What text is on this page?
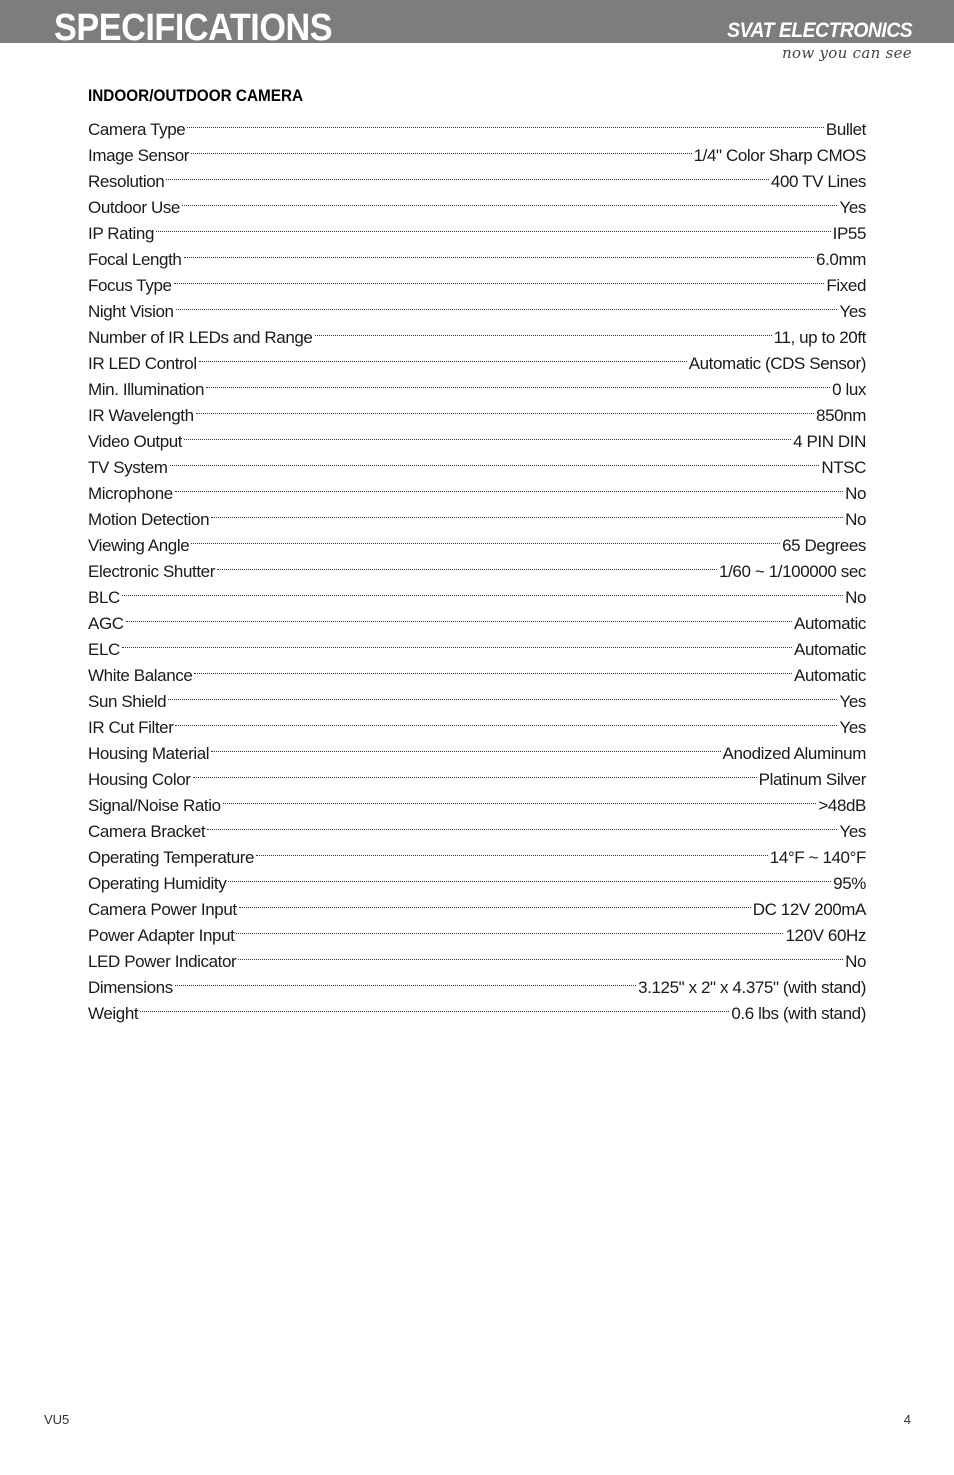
SPECIFICATIONS	SVAT ELECTRONICS
now you can see
INDOOR/OUTDOOR CAMERA
Camera Type	Bullet
Image Sensor	1/4" Color Sharp CMOS
Resolution	400 TV Lines
Outdoor Use	Yes
IP Rating	IP55
Focal Length	6.0mm
Focus Type	Fixed
Night Vision	Yes
Number of IR LEDs and Range	11, up to 20ft
IR LED Control	Automatic (CDS Sensor)
Min. Illumination	0 lux
IR Wavelength	850nm
Video Output	4 PIN DIN
TV System	NTSC
Microphone	No
Motion Detection	No
Viewing Angle	65 Degrees
Electronic Shutter	1/60 ~ 1/100000 sec
BLC	No
AGC	Automatic
ELC	Automatic
White Balance	Automatic
Sun Shield	Yes
IR Cut Filter	Yes
Housing Material	Anodized Aluminum
Housing Color	Platinum Silver
Signal/Noise Ratio	>48dB
Camera Bracket	Yes
Operating Temperature	14°F ~ 140°F
Operating Humidity	95%
Camera Power Input	DC 12V 200mA
Power Adapter Input	120V 60Hz
LED Power Indicator	No
Dimensions	3.125" x 2" x 4.375" (with stand)
Weight	0.6 lbs (with stand)
VU5	4
